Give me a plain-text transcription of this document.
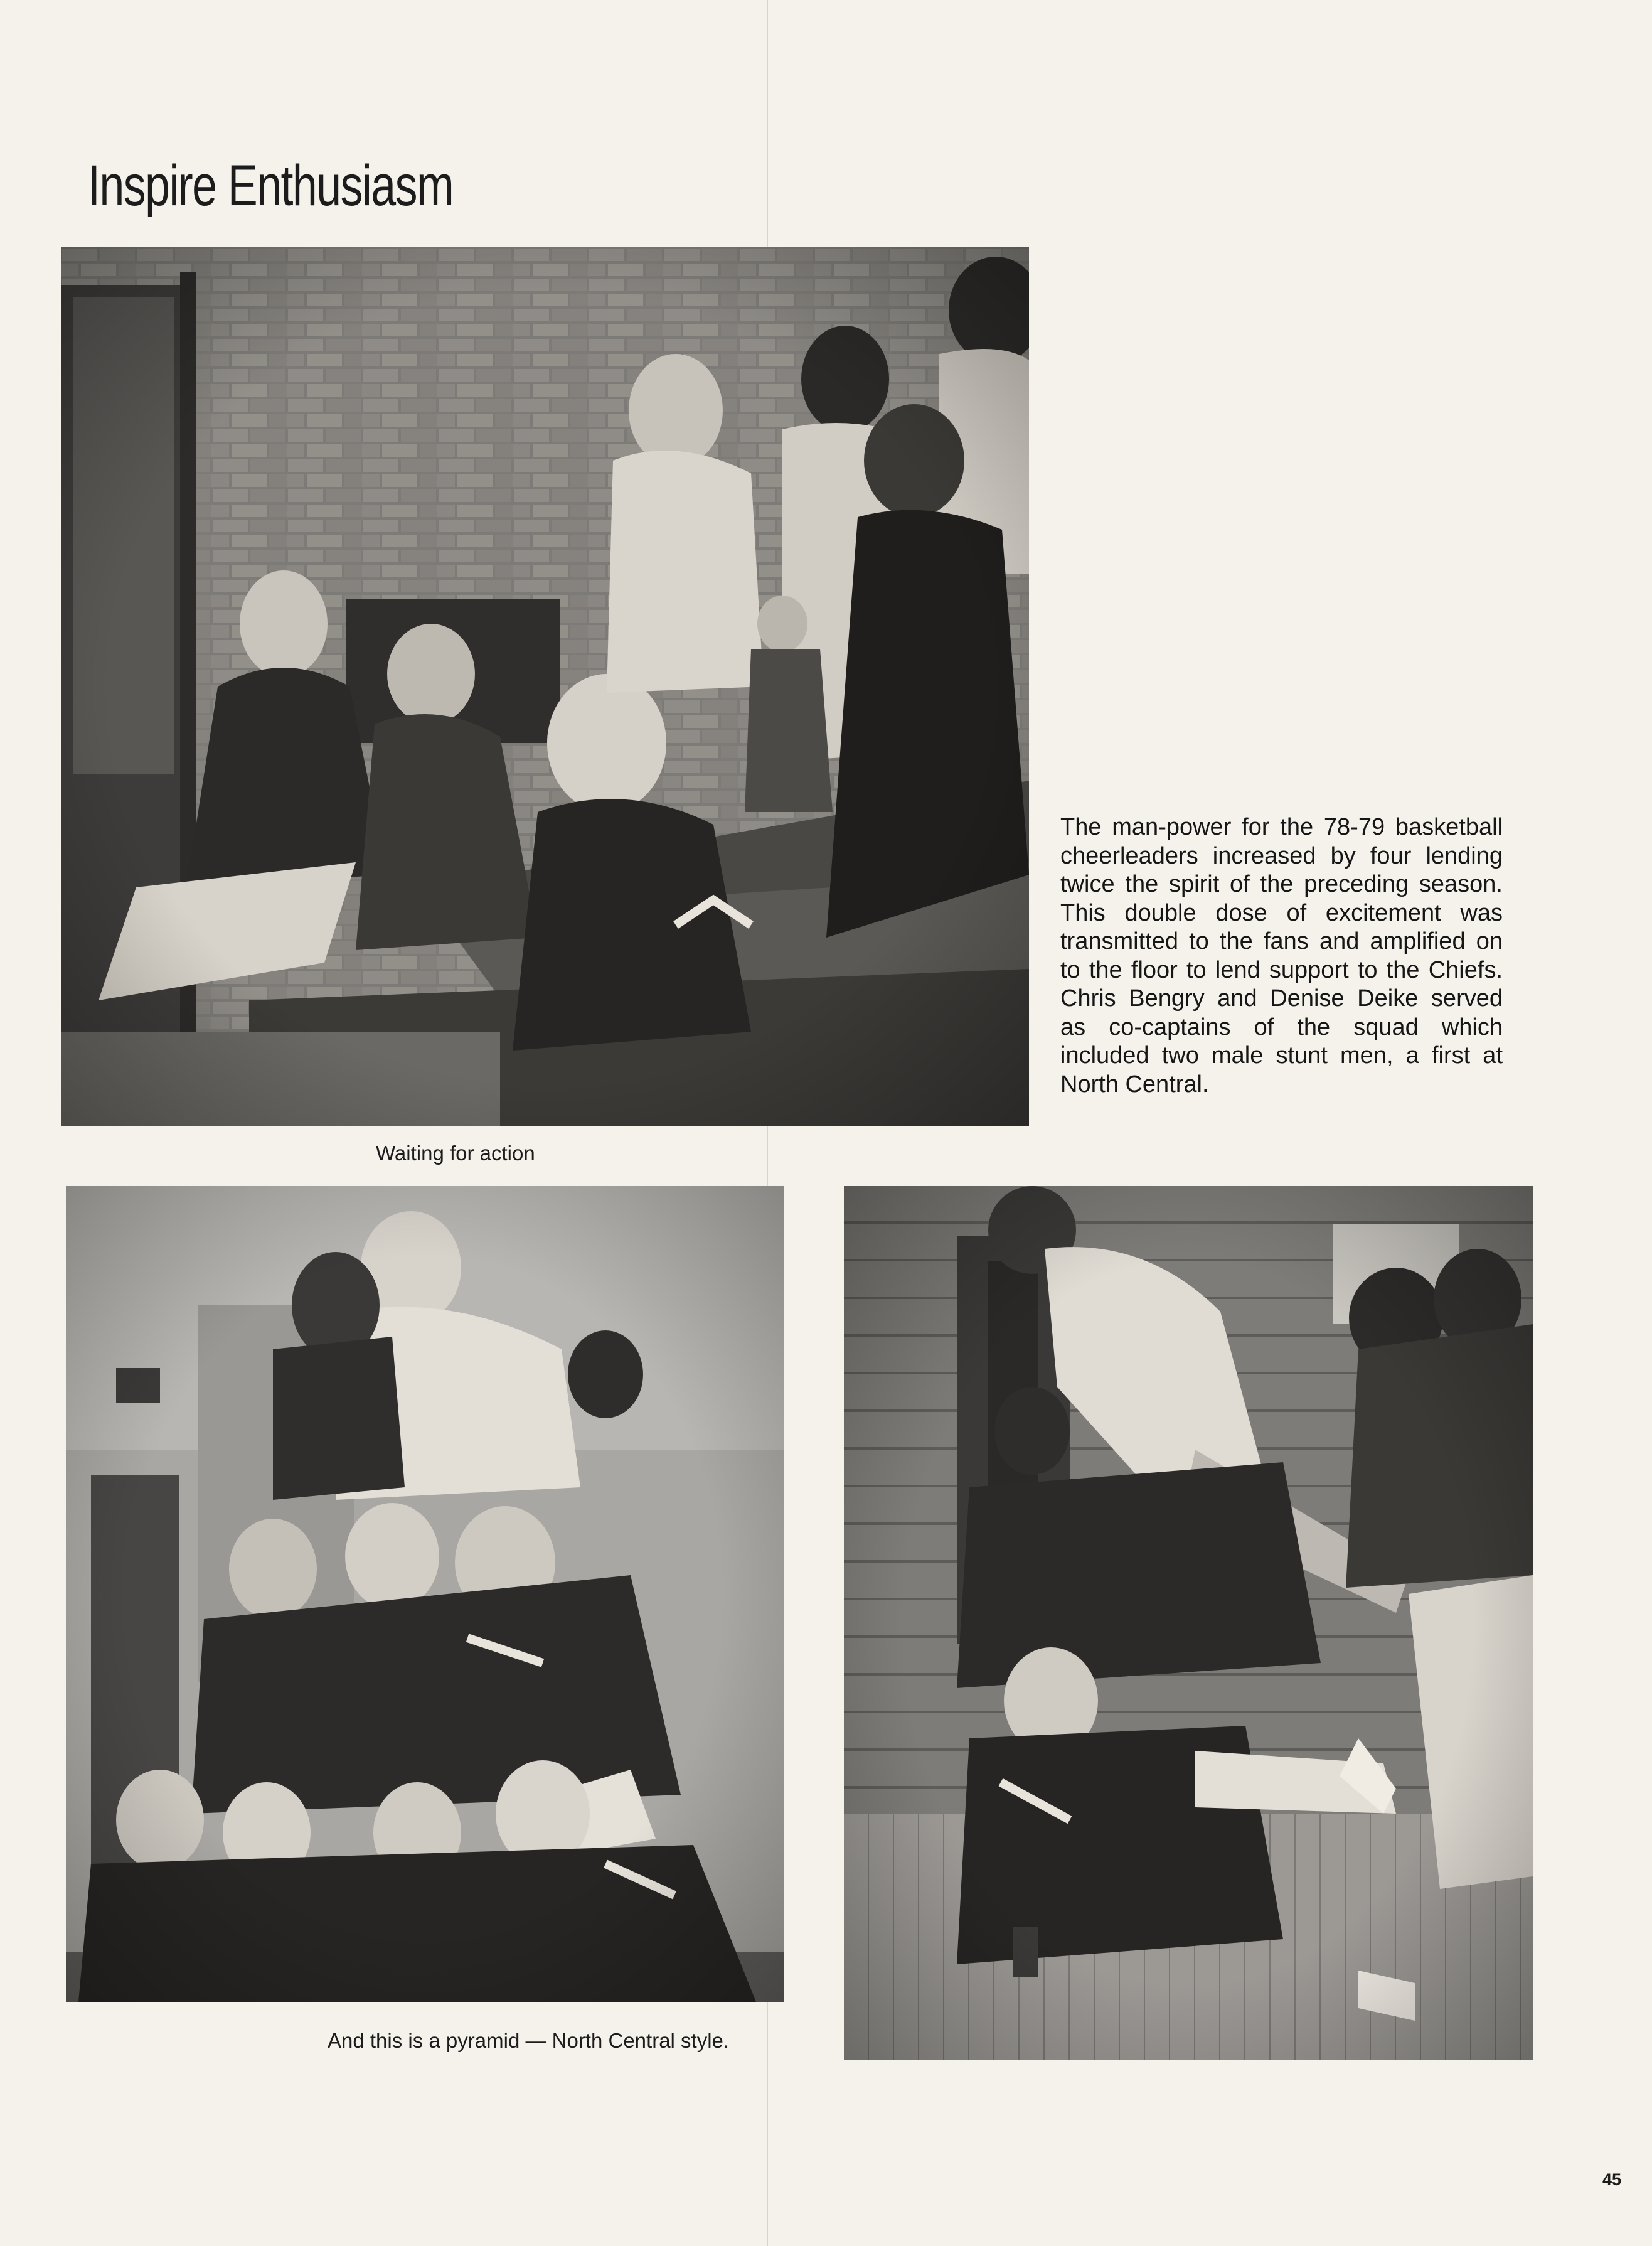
Inspire Enthusiasm

Waiting for action

The man-power for the 78-79 basketball cheerleaders increased by four lending twice the spirit of the preceding season. This double dose of excitement was transmitted to the fans and amplified on to the floor to lend support to the Chiefs. Chris Bengry and Denise Deike served as co-captains of the squad which included two male stunt men, a first at North Central.

And this is a pyramid — North Central style.

45
